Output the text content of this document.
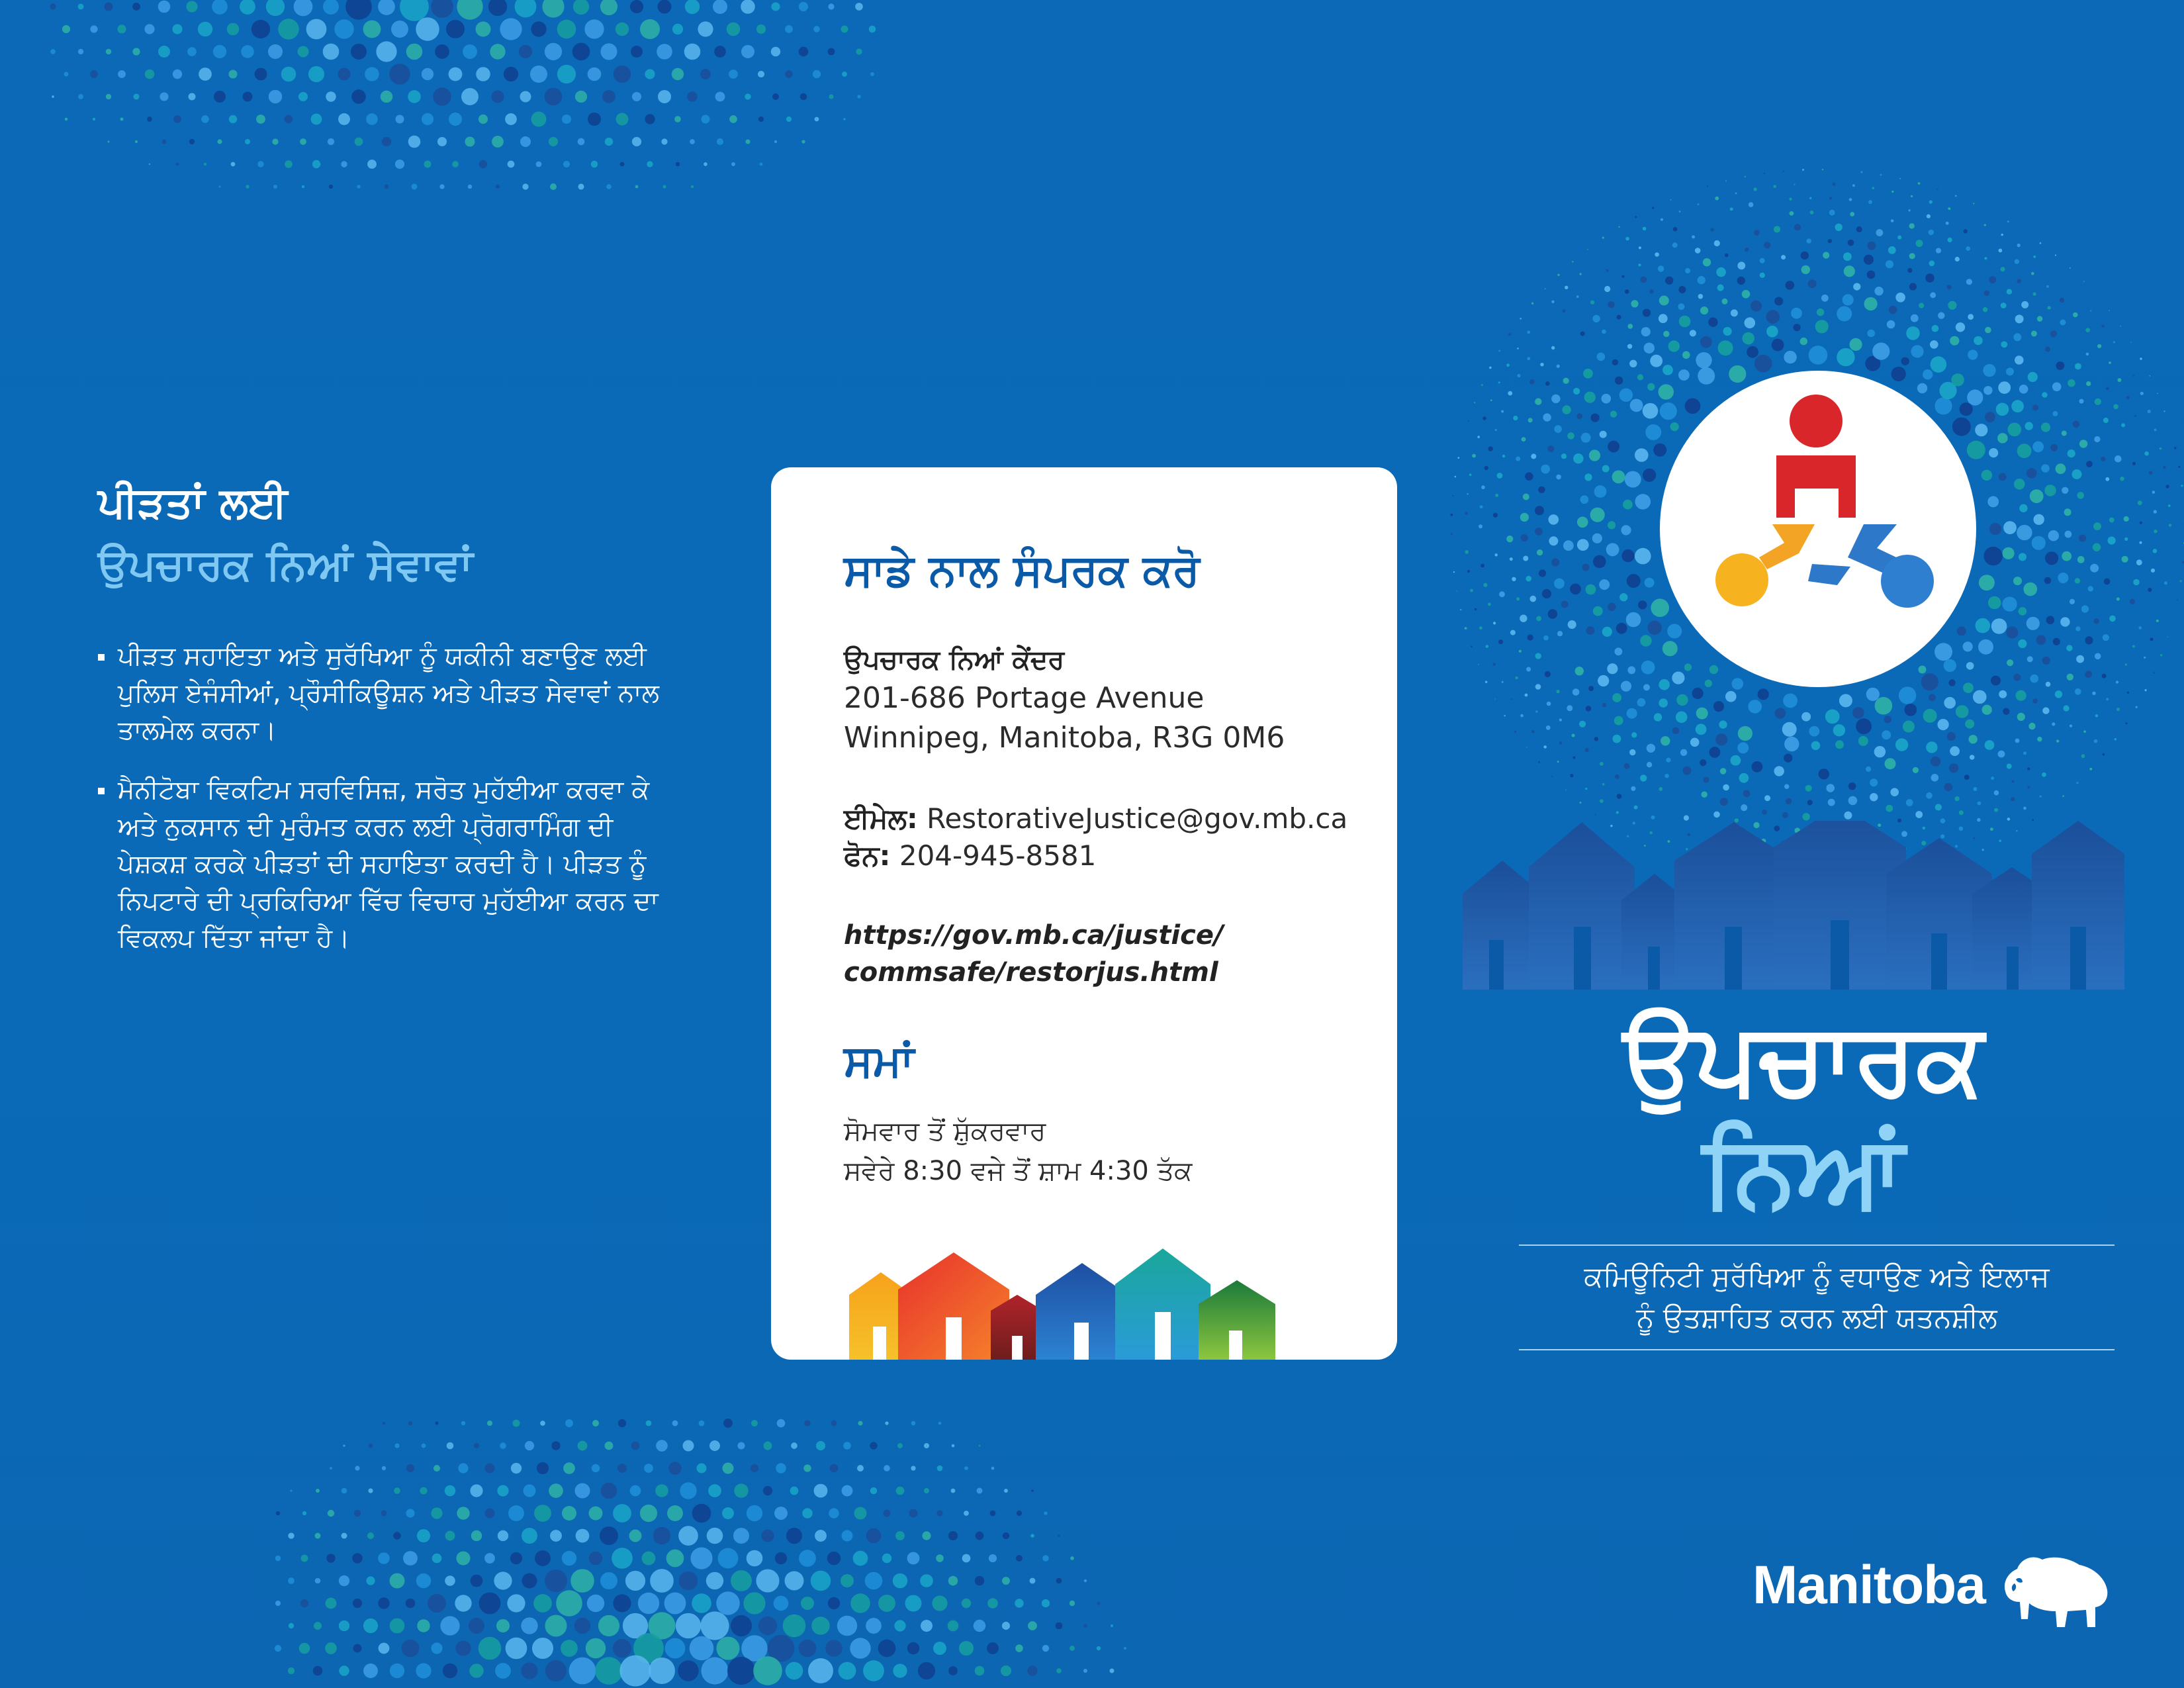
ਪੀੜਤਾਂ ਲਈ
ਉਪਚਾਰਕ ਨਿਆਂ ਸੇਵਾਵਾਂ
ਪੀੜਤ ਸਹਾਇਤਾ ਅਤੇ ਸੁਰੱਖਿਆ ਨੂੰ ਯਕੀਨੀ ਬਣਾਉਣ ਲਈ ਪੁਲਿਸ ਏਜੰਸੀਆਂ, ਪ੍ਰੌਸੀਕਿਊਸ਼ਨ ਅਤੇ ਪੀੜਤ ਸੇਵਾਵਾਂ ਨਾਲ ਤਾਲਮੇਲ ਕਰਨਾ।
ਮੈਨੀਟੋਬਾ ਵਿਕਟਿਮ ਸਰਵਿਸਿਜ਼, ਸਰੋਤ ਮੁਹੱਈਆ ਕਰਵਾ ਕੇ ਅਤੇ ਨੁਕਸਾਨ ਦੀ ਮੁਰੰਮਤ ਕਰਨ ਲਈ ਪ੍ਰੋਗਰਾਮਿੰਗ ਦੀ ਪੇਸ਼ਕਸ਼ ਕਰਕੇ ਪੀੜਤਾਂ ਦੀ ਸਹਾਇਤਾ ਕਰਦੀ ਹੈ। ਪੀੜਤ ਨੂੰ ਨਿਪਟਾਰੇ ਦੀ ਪ੍ਰਕਿਰਿਆ ਵਿੱਚ ਵਿਚਾਰ ਮੁਹੱਈਆ ਕਰਨ ਦਾ ਵਿਕਲਪ ਦਿੱਤਾ ਜਾਂਦਾ ਹੈ।
ਸਾਡੇ ਨਾਲ ਸੰਪਰਕ ਕਰੋ
ਉਪਚਾਰਕ ਨਿਆਂ ਕੇਂਦਰ
201-686 Portage Avenue
Winnipeg, Manitoba, R3G 0M6
ਈਮੇਲ: RestorativeJustice@gov.mb.ca
ਫੋਨ: 204-945-8581
https://gov.mb.ca/justice/
commsafe/restorjus.html
ਸਮਾਂ
ਸੋਮਵਾਰ ਤੋਂ ਸ਼ੁੱਕਰਵਾਰ
ਸਵੇਰੇ 8:30 ਵਜੇ ਤੋਂ ਸ਼ਾਮ 4:30 ਤੱਕ
ਉਪਚਾਰਕ
ਨਿਆਂ
ਕਮਿਊਨਿਟੀ ਸੁਰੱਖਿਆ ਨੂੰ ਵਧਾਉਣ ਅਤੇ ਇਲਾਜ
ਨੂੰ ਉਤਸ਼ਾਹਿਤ ਕਰਨ ਲਈ ਯਤਨਸ਼ੀਲ
Manitoba
